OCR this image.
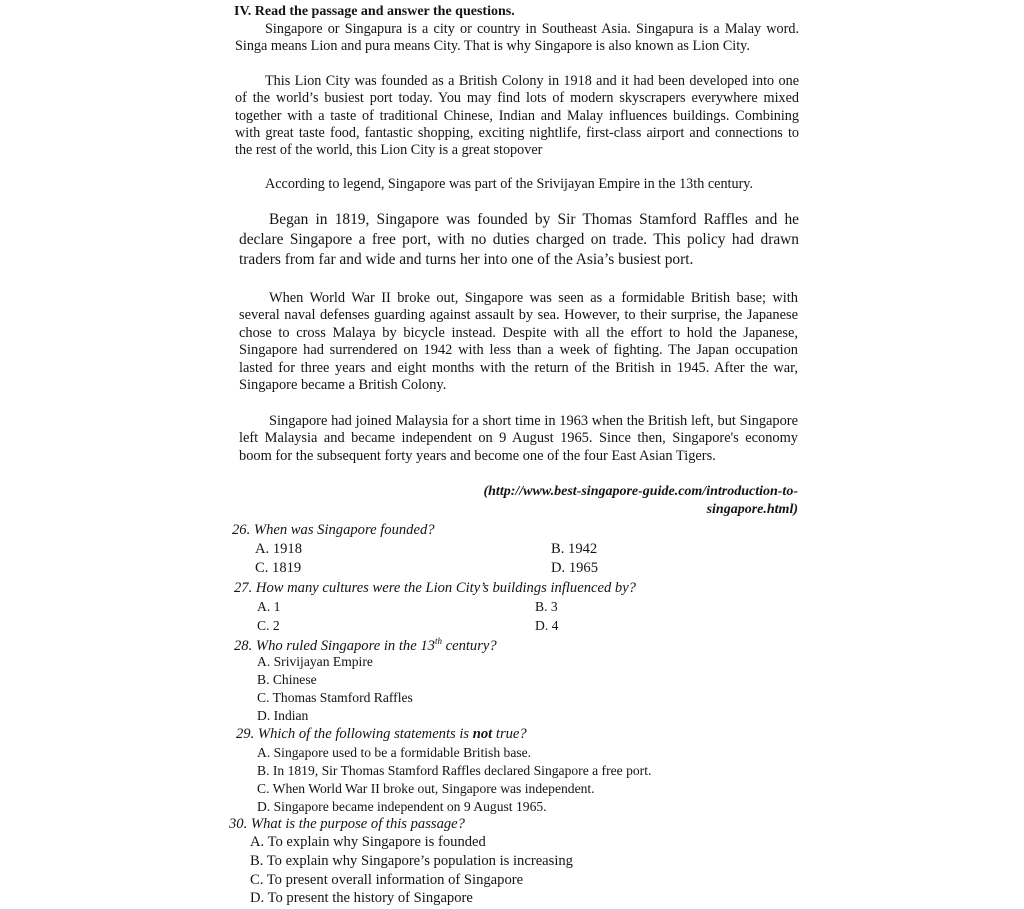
IV. Read the passage and answer the questions.

Singapore or Singapura is a city or country in Southeast Asia. Singapura is a Malay word. Singa means Lion and pura means City. That is why Singapore is also known as Lion City.

This Lion City was founded as a British Colony in 1918 and it had been developed into one of the world’s busiest port today. You may find lots of modern skyscrapers everywhere mixed together with a taste of traditional Chinese, Indian and Malay influences buildings. Combining with great taste food, fantastic shopping, exciting nightlife, first-class airport and connections to the rest of the world, this Lion City is a great stopover

According to legend, Singapore was part of the Srivijayan Empire in the 13th century.

Began in 1819, Singapore was founded by Sir Thomas Stamford Raffles and he declare Singapore a free port, with no duties charged on trade. This policy had drawn traders from far and wide and turns her into one of the Asia’s busiest port.

When World War II broke out, Singapore was seen as a formidable British base; with several naval defenses guarding against assault by sea. However, to their surprise, the Japanese chose to cross Malaya by bicycle instead. Despite with all the effort to hold the Japanese, Singapore had surrendered on 1942 with less than a week of fighting. The Japan occupation lasted for three years and eight months with the return of the British in 1945. After the war, Singapore became a British Colony.

Singapore had joined Malaysia for a short time in 1963 when the British left, but Singapore left Malaysia and became independent on 9 August 1965. Since then, Singapore's economy boom for the subsequent forty years and become one of the four East Asian Tigers.

(http://www.best-singapore-guide.com/introduction-to-
singapore.html)
26. When was Singapore founded?
A. 1918	B. 1942
C. 1819	D. 1965
27. How many cultures were the Lion City’s buildings influenced by?
A. 1	B. 3
C. 2	D. 4
28. Who ruled Singapore in the 13th century?
A. Srivijayan Empire
B. Chinese
C. Thomas Stamford Raffles
D. Indian
29. Which of the following statements is not true?
A. Singapore used to be a formidable British base.
B. In 1819, Sir Thomas Stamford Raffles declared Singapore a free port.
C. When World War II broke out, Singapore was independent.
D. Singapore became independent on 9 August 1965.
30. What is the purpose of this passage?
A. To explain why Singapore is founded
B. To explain why Singapore’s population is increasing
C. To present overall information of Singapore
D. To present the history of Singapore
